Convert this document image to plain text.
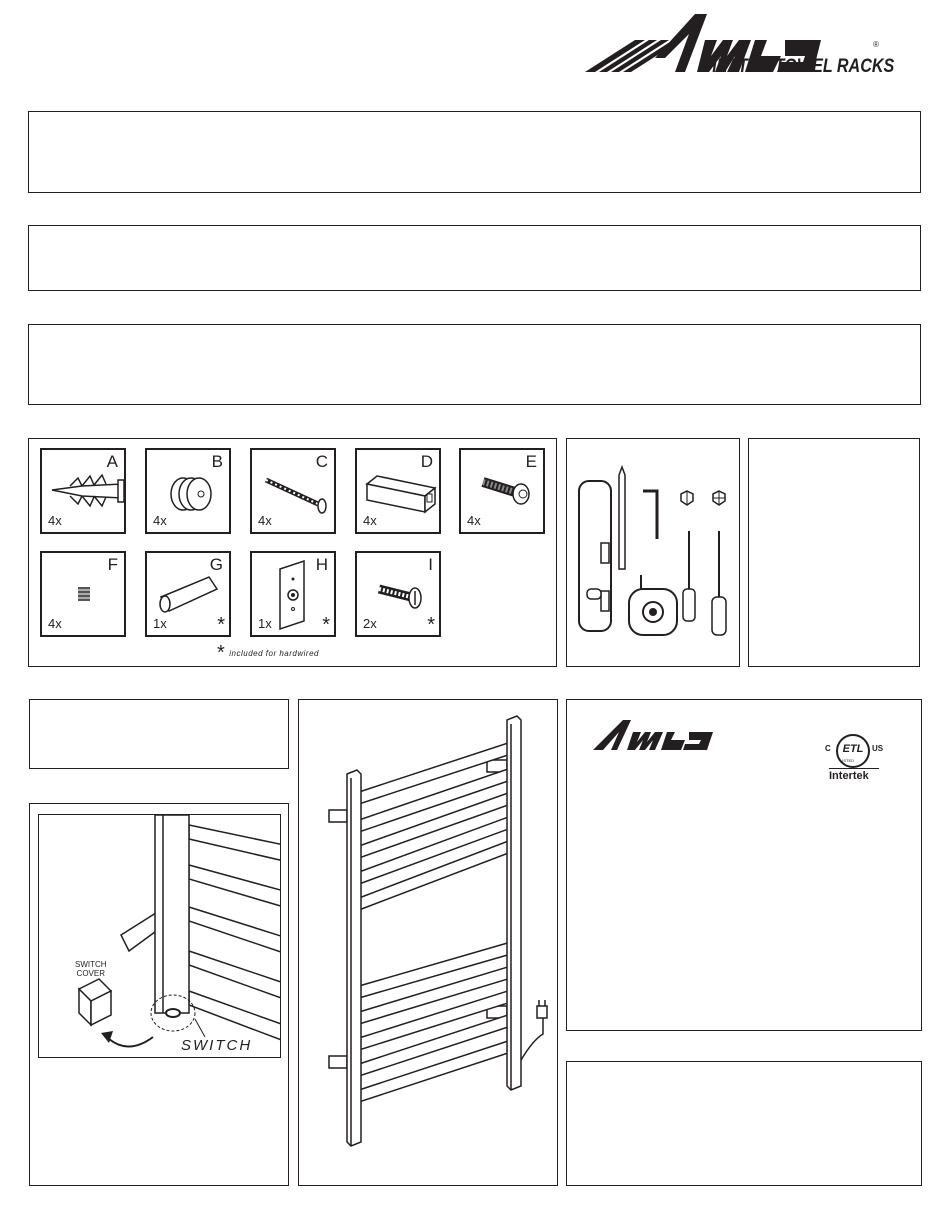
®
HEATED TOWEL RACKS
A
4x
B
4x
C
4x
D
4x
E
4x
F
4x
G
1x	*
H
1x	*
I
2x	*
* included for hardwired
SWITCH
COVER
SWITCH
C	ETL
LISTED
US
Intertek
